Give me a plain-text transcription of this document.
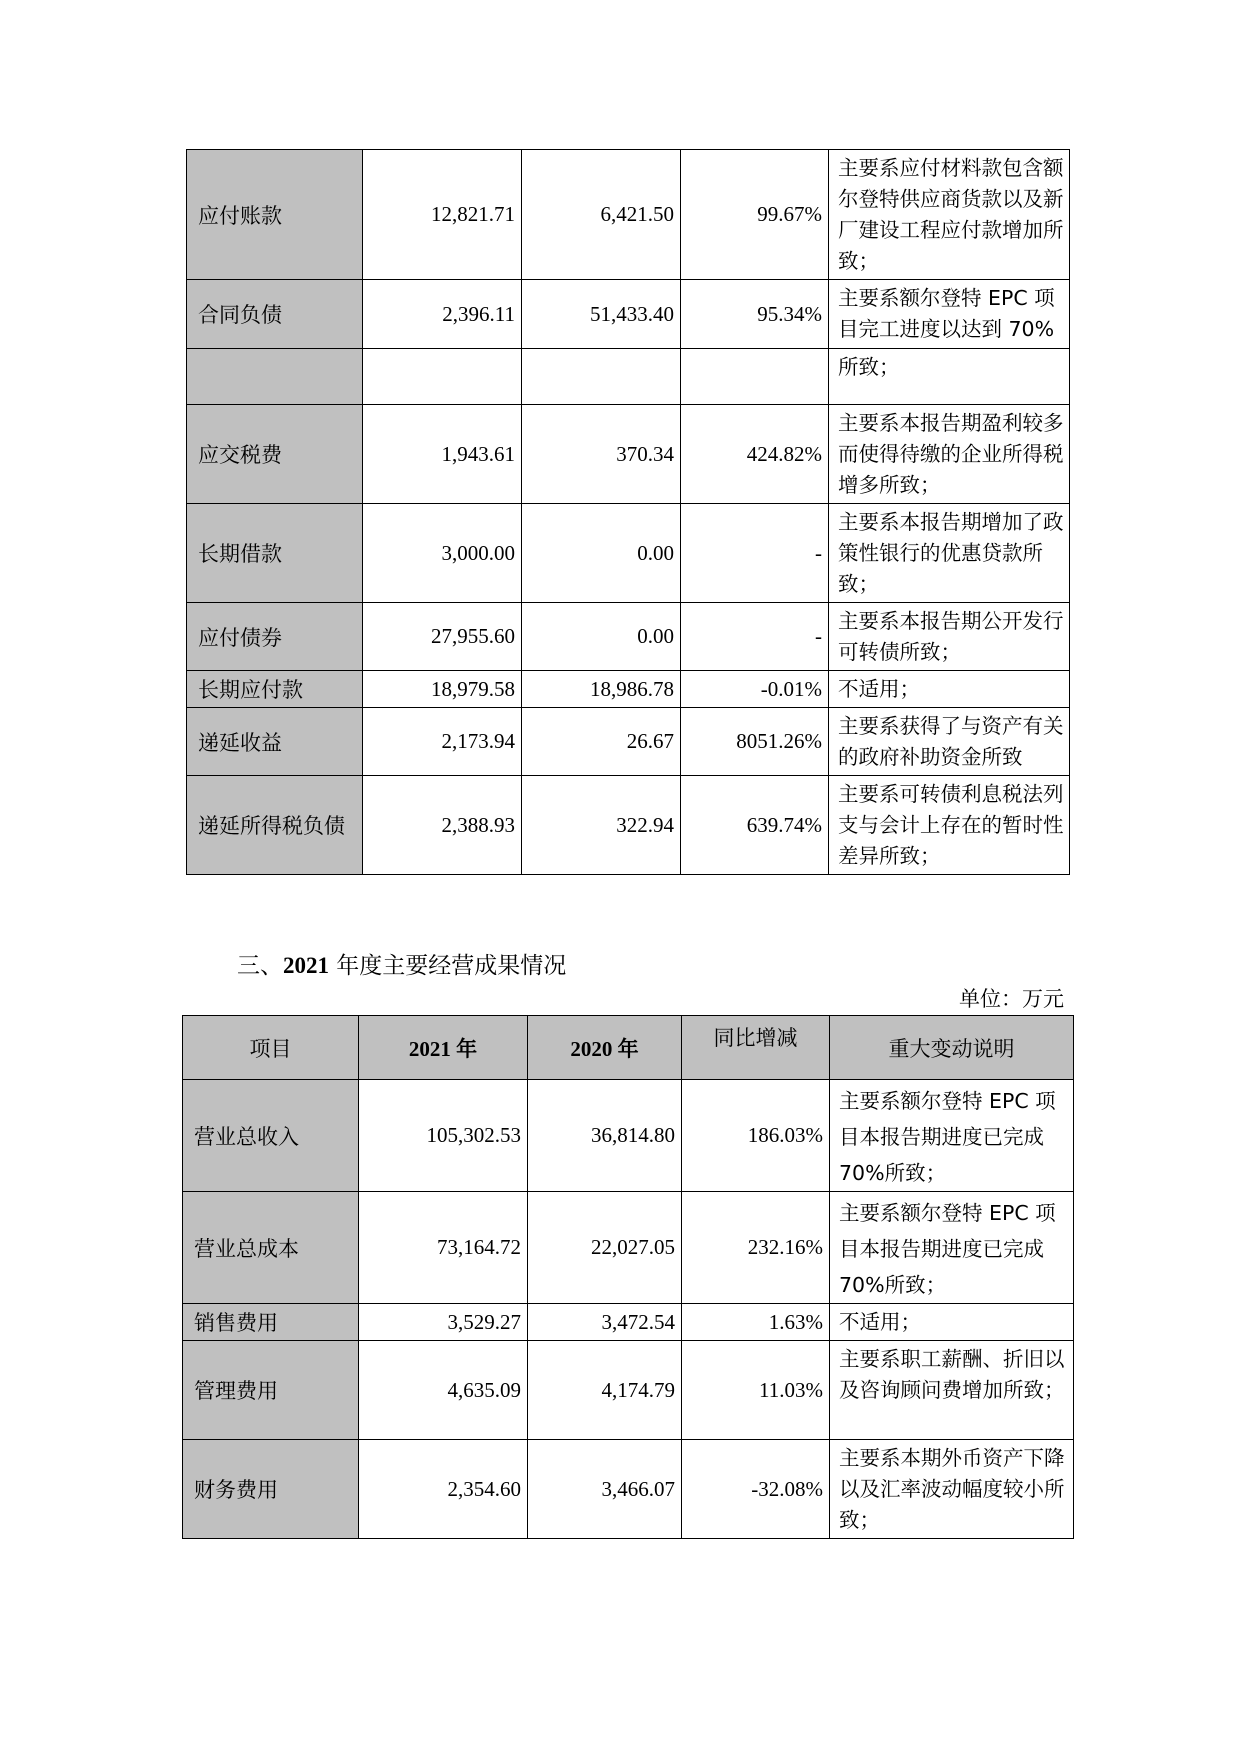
应付账款	12,821.71	6,421.50	99.67%	主要系应付材料款包含额尔登特供应商货款以及新厂建设工程应付款增加所致；
合同负债	2,396.11	51,433.40	95.34%	主要系额尔登特 EPC 项目完工进度以达到 70%
				所致；
应交税费	1,943.61	370.34	424.82%	主要系本报告期盈利较多而使得待缴的企业所得税增多所致；
长期借款	3,000.00	0.00	-	主要系本报告期增加了政策性银行的优惠贷款所致；
应付债券	27,955.60	0.00	-	主要系本报告期公开发行可转债所致；
长期应付款	18,979.58	18,986.78	-0.01%	不适用；
递延收益	2,173.94	26.67	8051.26%	主要系获得了与资产有关的政府补助资金所致
递延所得税负债	2,388.93	322.94	639.74%	主要系可转债利息税法列支与会计上存在的暂时性差异所致；
三、2021 年度主要经营成果情况
单位：万元
项目	2021 年	2020 年	同比增减	重大变动说明
营业总收入	105,302.53	36,814.80	186.03%	主要系额尔登特 EPC 项目本报告期进度已完成 70%所致；
营业总成本	73,164.72	22,027.05	232.16%	主要系额尔登特 EPC 项目本报告期进度已完成 70%所致；
销售费用	3,529.27	3,472.54	1.63%	不适用；
管理费用	4,635.09	4,174.79	11.03%	主要系职工薪酬、折旧以及咨询顾问费增加所致；
财务费用	2,354.60	3,466.07	-32.08%	主要系本期外币资产下降以及汇率波动幅度较小所致；
